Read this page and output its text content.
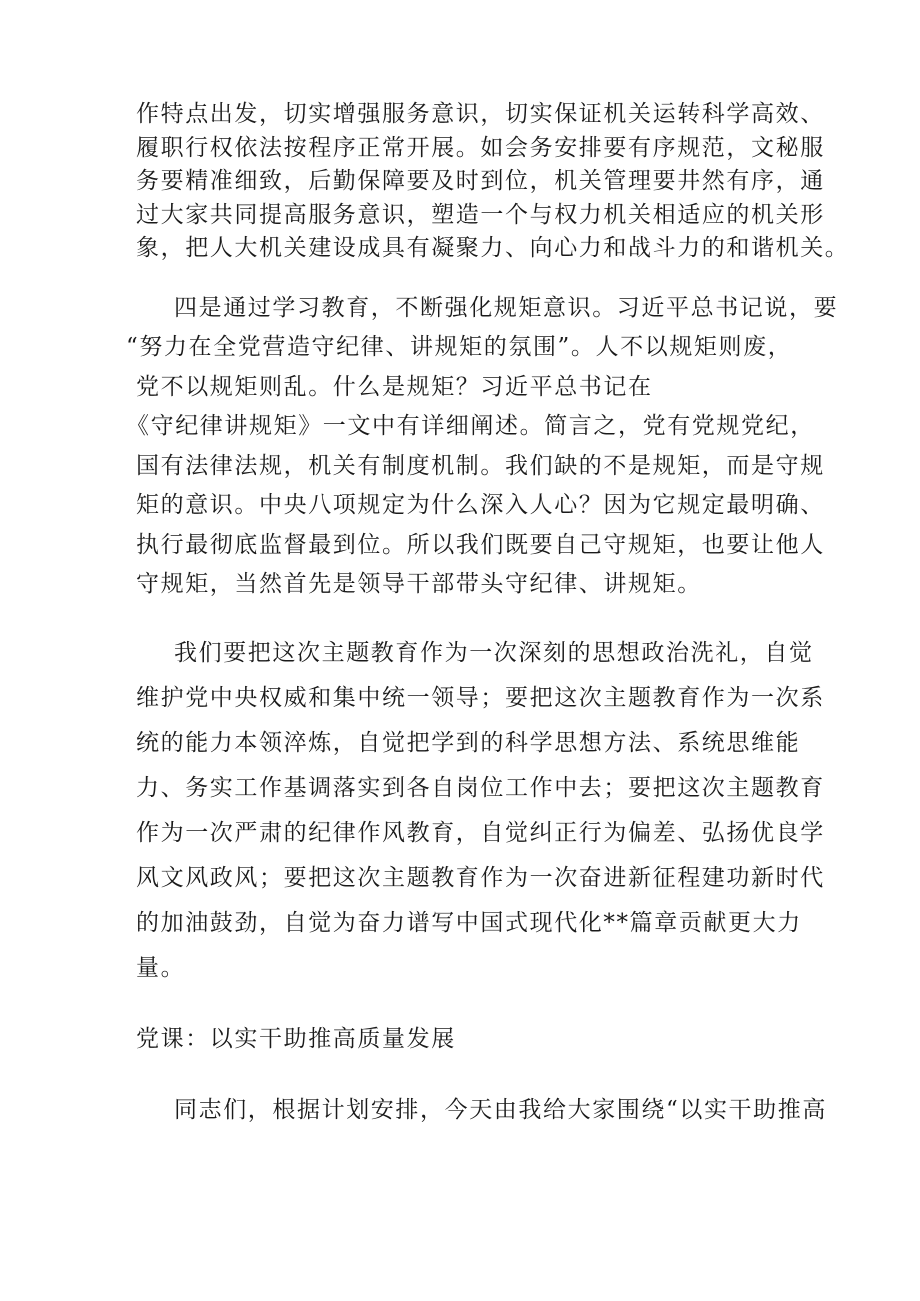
作特点出发，切实增强服务意识，切实保证机关运转科学高效、
履职行权依法按程序正常开展。如会务安排要有序规范，文秘服
务要精准细致，后勤保障要及时到位，机关管理要井然有序，通
过大家共同提高服务意识，塑造一个与权力机关相适应的机关形
象，把人大机关建设成具有凝聚力、向心力和战斗力的和谐机关。
四是通过学习教育，不断强化规矩意识。习近平总书记说，要
“努力在全党营造守纪律、讲规矩的氛围”。人不以规矩则废，
党不以规矩则乱。什么是规矩？习近平总书记在
《守纪律讲规矩》一文中有详细阐述。简言之，党有党规党纪，
国有法律法规，机关有制度机制。我们缺的不是规矩，而是守规
矩的意识。中央八项规定为什么深入人心？因为它规定最明确、
执行最彻底监督最到位。所以我们既要自己守规矩，也要让他人
守规矩，当然首先是领导干部带头守纪律、讲规矩。
我们要把这次主题教育作为一次深刻的思想政治洗礼，自觉
维护党中央权威和集中统一领导；要把这次主题教育作为一次系
统的能力本领淬炼，自觉把学到的科学思想方法、系统思维能
力、务实工作基调落实到各自岗位工作中去；要把这次主题教育
作为一次严肃的纪律作风教育，自觉纠正行为偏差、弘扬优良学
风文风政风；要把这次主题教育作为一次奋进新征程建功新时代
的加油鼓劲，自觉为奋力谱写中国式现代化**篇章贡献更大力
量。
党课：以实干助推高质量发展
同志们，根据计划安排，今天由我给大家围绕“以实干助推高
